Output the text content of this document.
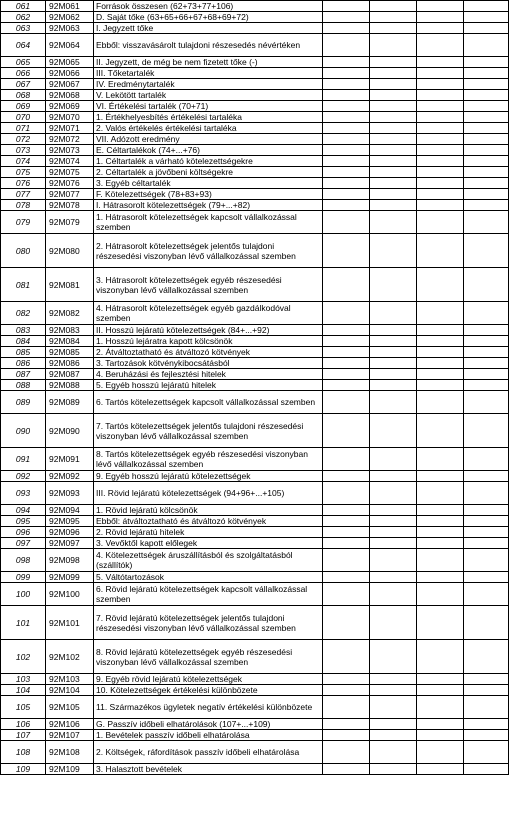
061	92M061	Források összesen (62+73+77+106)				
062	92M062	D. Saját tőke (63+65+66+67+68+69+72)				
063	92M063	I. Jegyzett tőke				
064	92M064	Ebből: visszavásárolt tulajdoni részesedés névértéken				
065	92M065	II. Jegyzett, de még be nem fizetett tőke (-)				
066	92M066	III. Tőketartalék				
067	92M067	IV. Eredménytartalék				
068	92M068	V. Lekötött tartalék				
069	92M069	VI. Értékelési tartalék (70+71)				
070	92M070	1. Értékhelyesbítés értékelési tartaléka				
071	92M071	2. Valós értékelés értékelési tartaléka				
072	92M072	VII. Adózott eredmény				
073	92M073	E. Céltartalékok (74+...+76)				
074	92M074	1. Céltartalék a várható kötelezettségekre				
075	92M075	2. Céltartalék a jövőbeni költségekre				
076	92M076	3. Egyéb céltartalék				
077	92M077	F. Kötelezettségek (78+83+93)				
078	92M078	I. Hátrasorolt kötelezettségek (79+...+82)				
079	92M079	1. Hátrasorolt kötelezettségek kapcsolt vállalkozással szemben				
080	92M080	2. Hátrasorolt kötelezettségek jelentős tulajdoni részesedési viszonyban lévő vállalkozással szemben				
081	92M081	3. Hátrasorolt kötelezettségek egyéb részesedési viszonyban lévő vállalkozással szemben				
082	92M082	4. Hátrasorolt kötelezettségek egyéb gazdálkodóval szemben				
083	92M083	II. Hosszú lejáratú kötelezettségek (84+...+92)				
084	92M084	1. Hosszú lejáratra kapott kölcsönök				
085	92M085	2. Átváltoztatható és átváltozó kötvények				
086	92M086	3. Tartozások kötvénykibocsátásból				
087	92M087	4. Beruházási és fejlesztési hitelek				
088	92M088	5. Egyéb hosszú lejáratú hitelek				
089	92M089	6. Tartós kötelezettségek kapcsolt vállalkozással szemben				
090	92M090	7. Tartós kötelezettségek jelentős tulajdoni részesedési viszonyban lévő vállalkozással szemben				
091	92M091	8. Tartós kötelezettségek egyéb részesedési viszonyban lévő vállalkozással szemben				
092	92M092	9. Egyéb hosszú lejáratú kötelezettségek				
093	92M093	III. Rövid lejáratú kötelezettségek (94+96+...+105)				
094	92M094	1. Rövid lejáratú kölcsönök				
095	92M095	Ebből: átváltoztatható és átváltozó kötvények				
096	92M096	2. Rövid lejáratú hitelek				
097	92M097	3. Vevőktől kapott előlegek				
098	92M098	4. Kötelezettségek áruszállításból és szolgáltatásból (szállítók)				
099	92M099	5. Váltótartozások				
100	92M100	6. Rövid lejáratú kötelezettségek kapcsolt vállalkozással szemben				
101	92M101	7. Rövid lejáratú kötelezettségek jelentős tulajdoni részesedési viszonyban lévő vállalkozással szemben				
102	92M102	8. Rövid lejáratú kötelezettségek egyéb részesedési viszonyban lévő vállalkozással szemben				
103	92M103	9. Egyéb rövid lejáratú kötelezettségek				
104	92M104	10. Kötelezettségek értékelési különbözete				
105	92M105	11. Származékos ügyletek negatív értékelési különbözete				
106	92M106	G. Passzív időbeli elhatárolások (107+...+109)				
107	92M107	1. Bevételek passzív időbeli elhatárolása				
108	92M108	2. Költségek, ráfordítások passzív időbeli elhatárolása				
109	92M109	3. Halasztott bevételek				
